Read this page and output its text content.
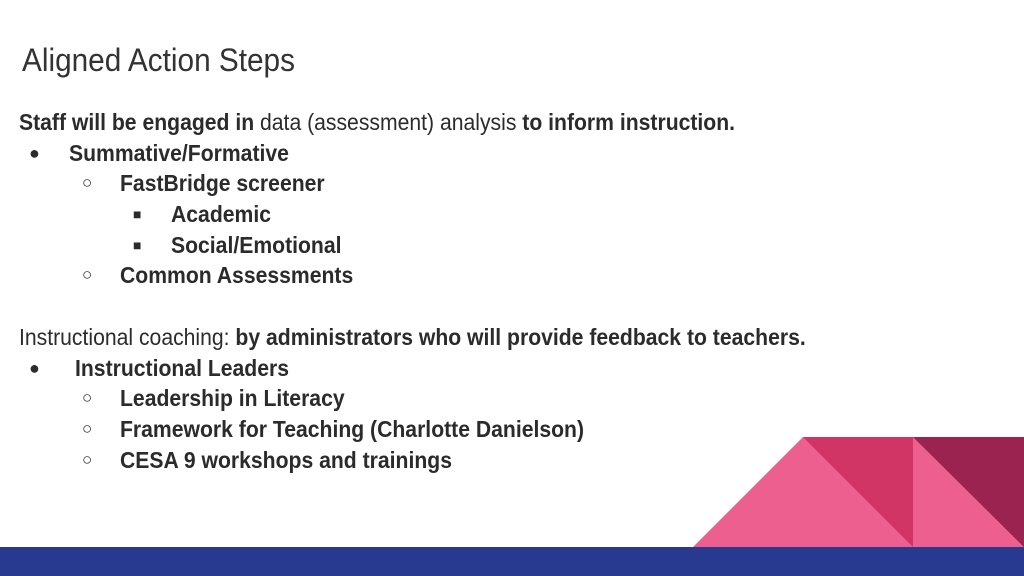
Aligned Action Steps
Staff will be engaged in data (assessment) analysis to inform instruction.
● Summative/Formative
○ FastBridge screener
■ Academic
■ Social/Emotional
○ Common Assessments
Instructional coaching: by administrators who will provide feedback to teachers.
● Instructional Leaders
○ Leadership in Literacy
○ Framework for Teaching (Charlotte Danielson)
○ CESA 9 workshops and trainings
